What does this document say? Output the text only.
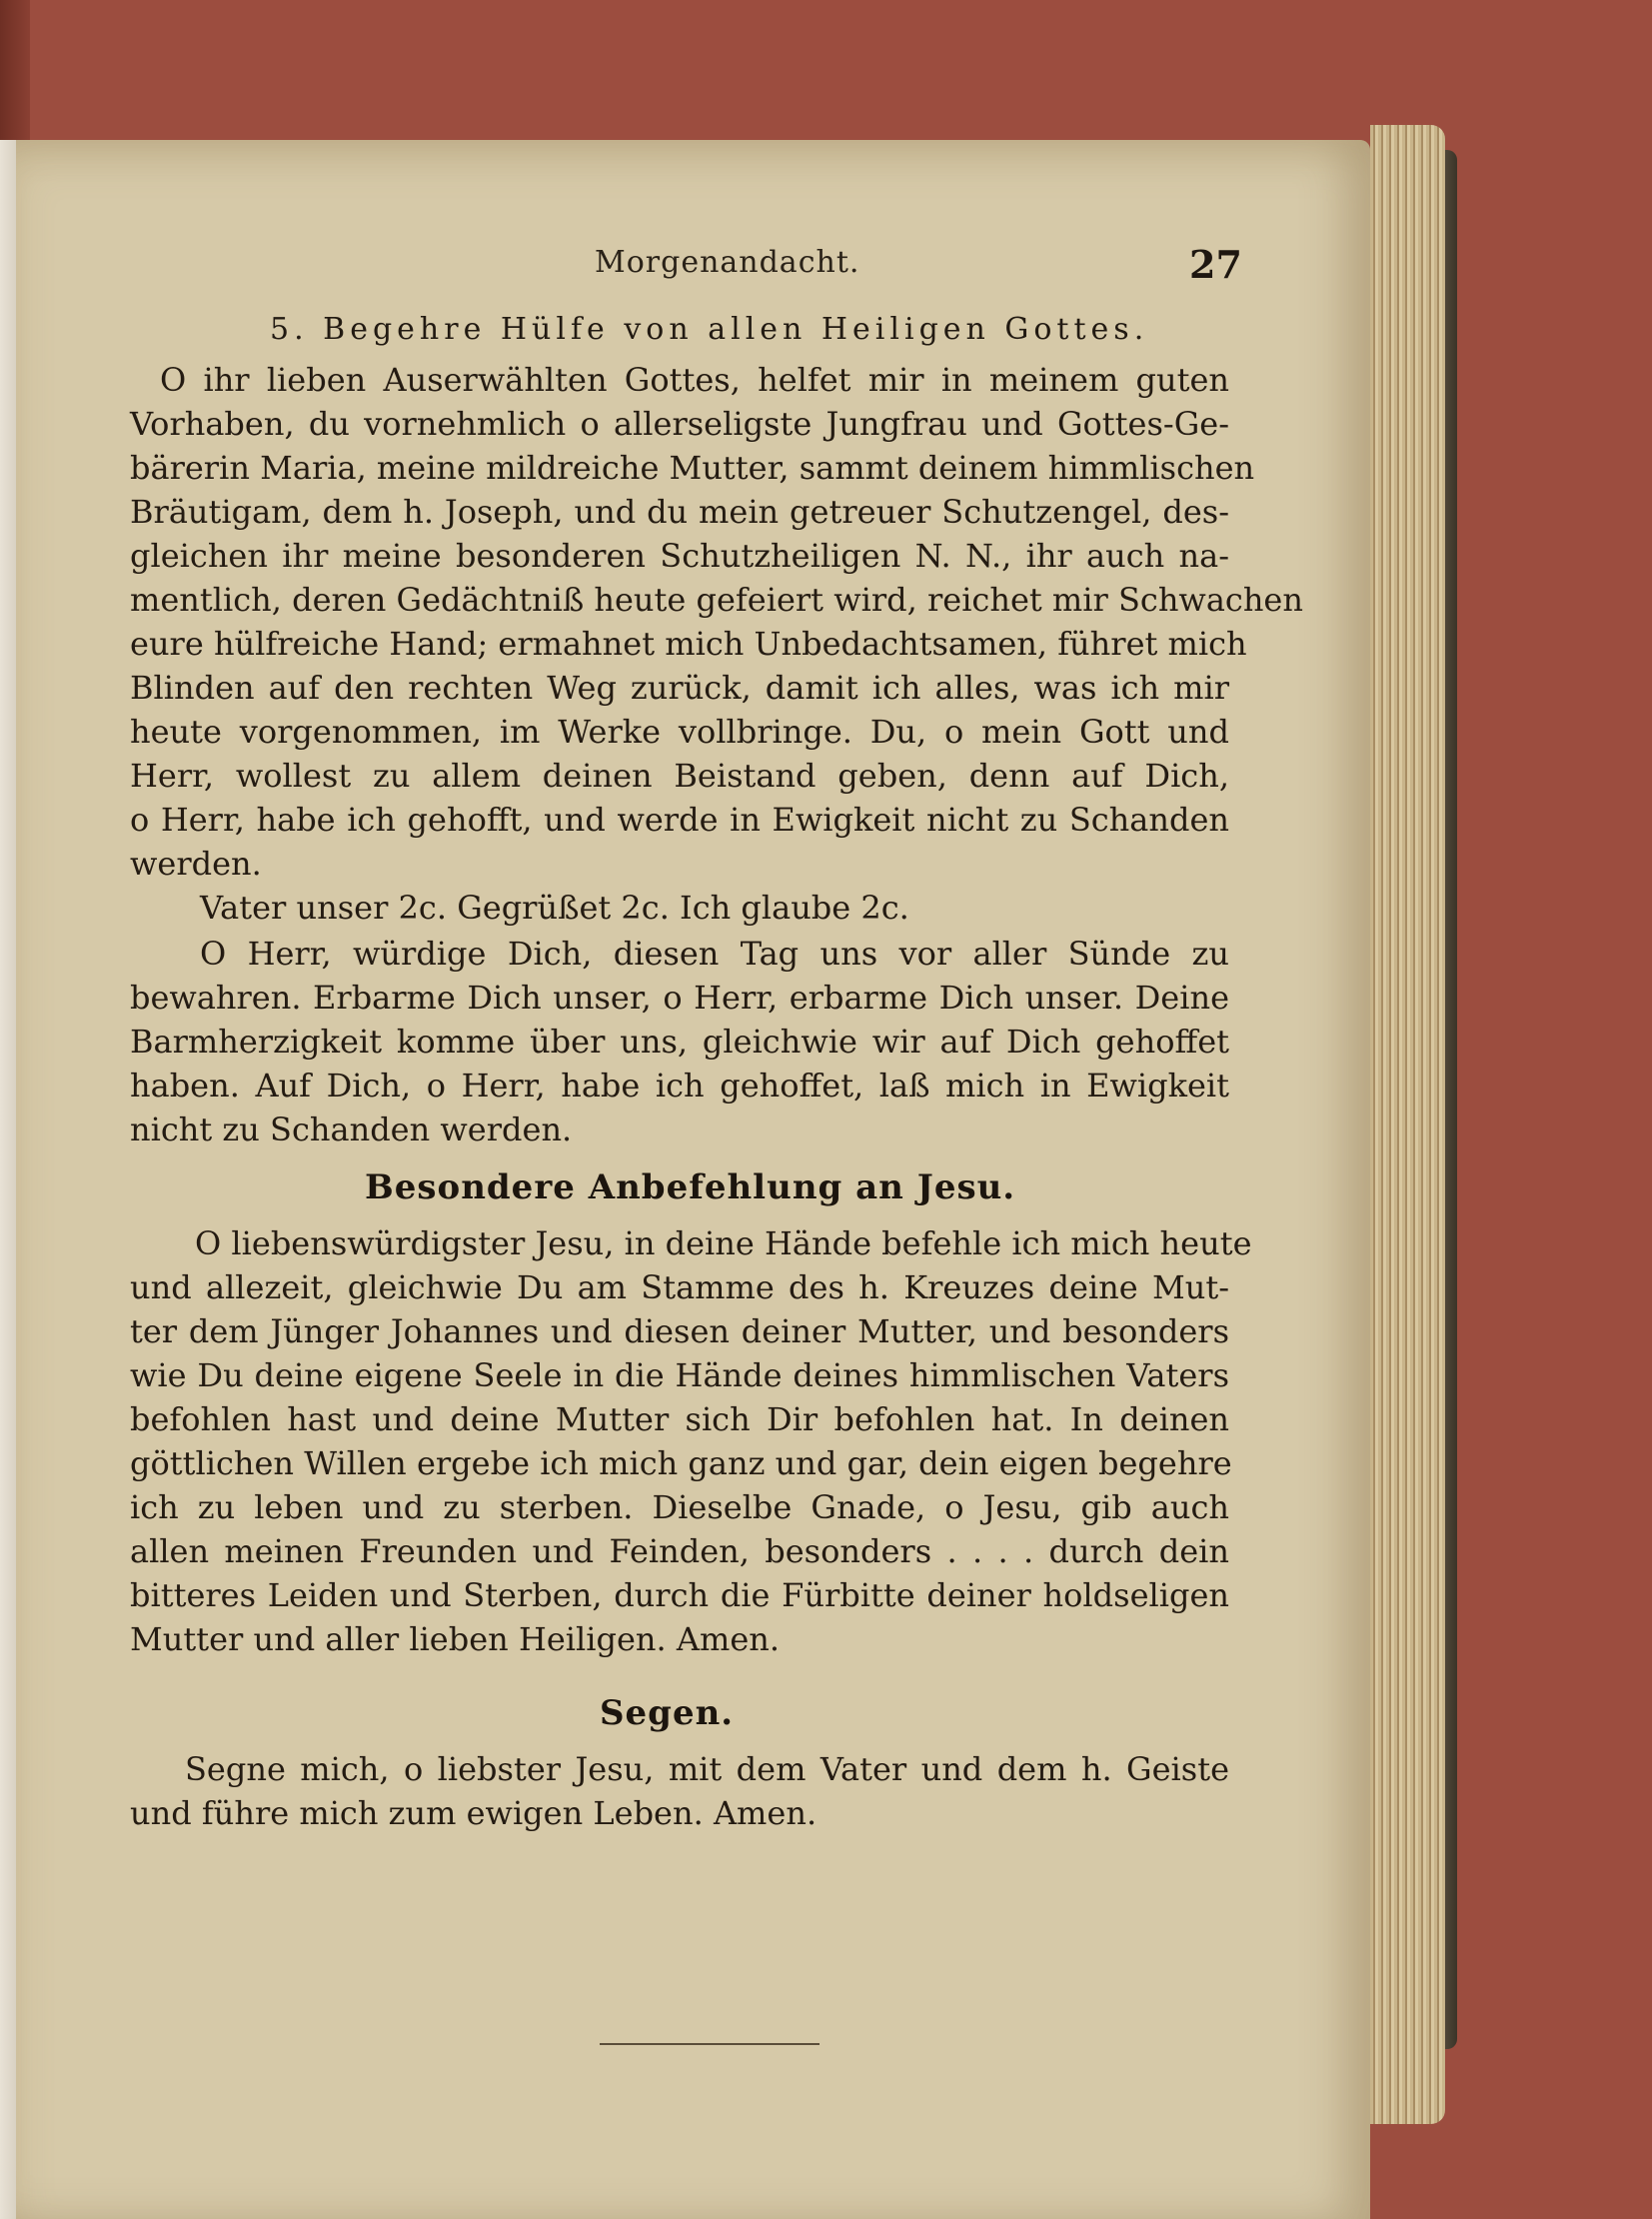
Morgenandacht.	27
5. Begehre Hülfe von allen Heiligen Gottes.
O ihr lieben Auserwählten Gottes, helfet mir in meinem guten
Vorhaben, du vornehmlich o allerseligste Jungfrau und Gottes-Ge-
bärerin Maria, meine mildreiche Mutter, sammt deinem himmlischen
Bräutigam, dem h. Joseph, und du mein getreuer Schutzengel, des-
gleichen ihr meine besonderen Schutzheiligen N. N., ihr auch na-
mentlich, deren Gedächtniß heute gefeiert wird, reichet mir Schwachen
eure hülfreiche Hand; ermahnet mich Unbedachtsamen, führet mich
Blinden auf den rechten Weg zurück, damit ich alles, was ich mir
heute vorgenommen, im Werke vollbringe. Du, o mein Gott und
Herr, wollest zu allem deinen Beistand geben, denn auf Dich,
o Herr, habe ich gehofft, und werde in Ewigkeit nicht zu Schanden
werden.
Vater unser 2c. Gegrüßet 2c. Ich glaube 2c.
O Herr, würdige Dich, diesen Tag uns vor aller Sünde zu
bewahren. Erbarme Dich unser, o Herr, erbarme Dich unser. Deine
Barmherzigkeit komme über uns, gleichwie wir auf Dich gehoffet
haben. Auf Dich, o Herr, habe ich gehoffet, laß mich in Ewigkeit
nicht zu Schanden werden.
Besondere Anbefehlung an Jesu.
O liebenswürdigster Jesu, in deine Hände befehle ich mich heute
und allezeit, gleichwie Du am Stamme des h. Kreuzes deine Mut-
ter dem Jünger Johannes und diesen deiner Mutter, und besonders
wie Du deine eigene Seele in die Hände deines himmlischen Vaters
befohlen hast und deine Mutter sich Dir befohlen hat. In deinen
göttlichen Willen ergebe ich mich ganz und gar, dein eigen begehre
ich zu leben und zu sterben. Dieselbe Gnade, o Jesu, gib auch
allen meinen Freunden und Feinden, besonders . . . . durch dein
bitteres Leiden und Sterben, durch die Fürbitte deiner holdseligen
Mutter und aller lieben Heiligen. Amen.
Segen.
Segne mich, o liebster Jesu, mit dem Vater und dem h. Geiste
und führe mich zum ewigen Leben. Amen.
